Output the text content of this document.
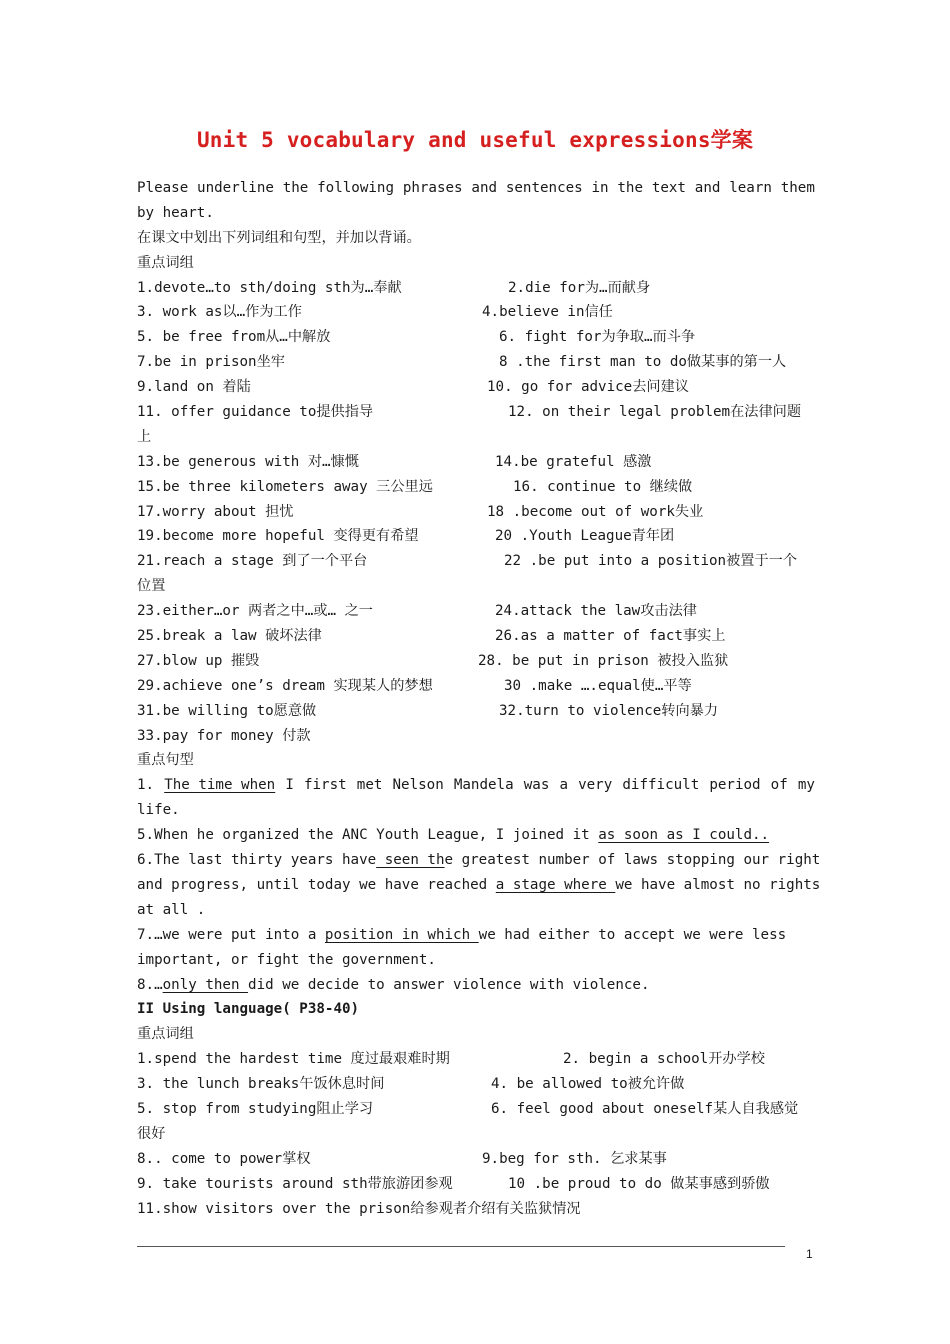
Unit 5 vocabulary and useful expressions学案
Please underline the following phrases and sentences in the text and learn them
by heart.
在课文中划出下列词组和句型，并加以背诵。
重点词组
1.devote…to sth/doing sth为…奉献	2.die for为…而献身
3. work as以…作为工作	4.believe in信任
5. be free from从…中解放	6. fight for为争取…而斗争
7.be in prison坐牢	8 .the first man to do做某事的第一人
9.land on 着陆	10. go for advice去问建议
11. offer guidance to提供指导	12. on their legal problem在法律问题
上
13.be generous with 对…慷慨	14.be grateful 感激
15.be three kilometers away 三公里远	16. continue to 继续做
17.worry about 担忧	18 .become out of work失业
19.become more hopeful 变得更有希望	20 .Youth League青年团
21.reach a stage 到了一个平台	22 .be put into a position被置于一个
位置
23.either…or 两者之中…或… 之一	24.attack the law攻击法律
25.break a law 破坏法律	26.as a matter of fact事实上
27.blow up 摧毁	28. be put in prison 被投入监狱
29.achieve one’s dream 实现某人的梦想	30 .make ….equal使…平等
31.be willing to愿意做	32.turn to violence转向暴力
33.pay for money 付款
重点句型
1. The time when I first met Nelson Mandela was a very difficult period of my
life.
5.When he organized the ANC Youth League, I joined it as soon as I could..
6.The last thirty years have seen the greatest number of laws stopping our right
and progress, until today we have reached a stage where we have almost no rights
at all .
7.…we were put into a position in which we had either to accept we were less
important, or fight the government.
8.…only then did we decide to answer violence with violence.
II Using language( P38-40)
重点词组
1.spend the hardest time 度过最艰难时期	2. begin a school开办学校
3. the lunch breaks午饭休息时间	4. be allowed to被允许做
5. stop from studying阻止学习	6. feel good about oneself某人自我感觉
很好
8.. come to power掌权	9.beg for sth. 乞求某事
9. take tourists around sth带旅游团参观	10 .be proud to do 做某事感到骄傲
11.show visitors over the prison给参观者介绍有关监狱情况
1
